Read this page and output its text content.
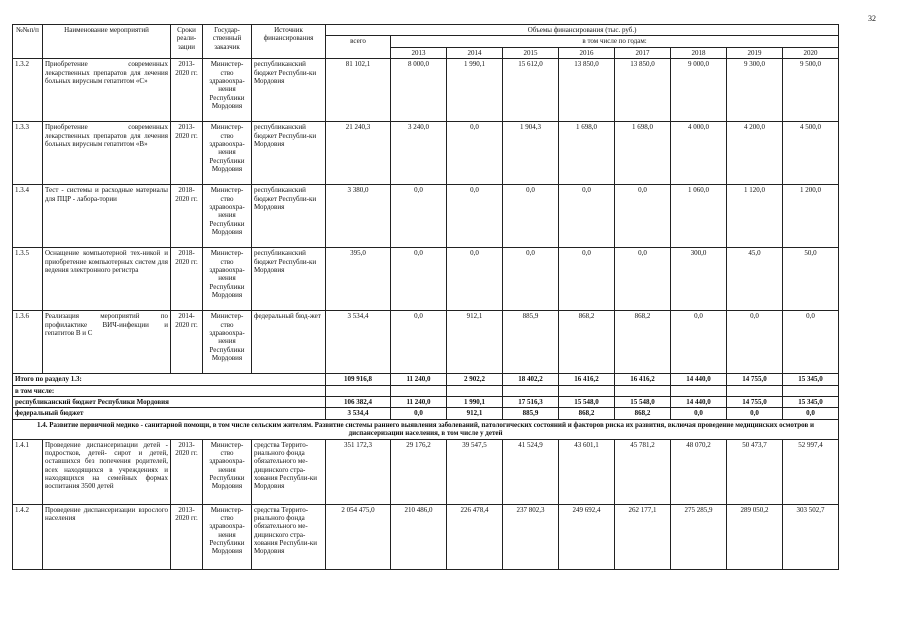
32
№№п/п	Наименование мероприятий	Сроки реали-зации	Государ-ственный заказчик	Источник финансирования	Объемы финансирования (тыс. руб.)								
					всего	в том числе по годам:							
						2013	2014	2015	2016	2017	2018	2019	2020
1.3.2	Приобретение современных лекарственных препаратов для лечения больных вирусным гепатитом «С»	2013-2020 гг.	Министер-ство здравоохра-нения Республики Мордовия	республиканский бюджет Республи-ки Мордовия	81 102,1	8 000,0	1 990,1	15 612,0	13 850,0	13 850,0	9 000,0	9 300,0	9 500,0
1.3.3	Приобретение современных лекарственных препаратов для лечения больных вирусным гепатитом «В»	2013-2020 гг.	Министер-ство здравоохра-нения Республики Мордовия	республиканский бюджет Республи-ки Мордовия	21 240,3	3 240,0	0,0	1 904,3	1 698,0	1 698,0	4 000,0	4 200,0	4 500,0
1.3.4	Тест - системы и расходные материалы для ПЦР - лабора-тории	2018-2020 гг.	Министер-ство здравоохра-нения Республики Мордовия	республиканский бюджет Республи-ки Мордовия	3 380,0	0,0	0,0	0,0	0,0	0,0	1 060,0	1 120,0	1 200,0
1.3.5	Оснащение компьютерной тех-никой и приобретение компьютерных систем для ведения электронного регистра	2018-2020 гг.	Министер-ство здравоохра-нения Республики Мордовия	республиканский бюджет Республи-ки Мордовия	395,0	0,0	0,0	0,0	0,0	0,0	300,0	45,0	50,0
1.3.6	Реализация мероприятий по профилактике ВИЧ-инфекции и гепатитов В и С	2014-2020 гг.	Министер-ство здравоохра-нения Республики Мордовия	федеральный бюд-жет	3 534,4	0,0	912,1	885,9	868,2	868,2	0,0	0,0	0,0
Итого по разделу 1.3:					109 916,8	11 240,0	2 902,2	18 402,2	16 416,2	16 416,2	14 440,0	14 755,0	15 345,0
в том числе:													
республиканский бюджет Республики Мордовия					106 382,4	11 240,0	1 990,1	17 516,3	15 548,0	15 548,0	14 440,0	14 755,0	15 345,0
федеральный бюджет					3 534,4	0,0	912,1	885,9	868,2	868,2	0,0	0,0	0,0
1.4. Развитие первичной медико - санитарной помощи, в том числе сельским жителям. Развитие системы раннего выявления заболеваний, патологических состояний и факторов риска их развития, включая проведение медицинских осмотров и диспансеризации населения, в том числе у детей													
1.4.1	Проведение диспансеризации детей - подростков, детей- сирот и детей, оставшихся без попечения родителей, всех находящихся в учреждениях и находящихся на семейных формах воспитания 3500 детей	2013-2020 гг.	Министер-ство здравоохра-нения Республики Мордовия	средства Террито-риального фонда обязательного ме-дицинского стра-хования Республи-ки Мордовия	351 172,3	29 176,2	39 547,5	41 524,9	43 601,1	45 781,2	48 070,2	50 473,7	52 997,4
1.4.2	Проведение диспансеризации взрослого населения	2013-2020 гг.	Министер-ство здравоохра-нения Республики Мордовия	средства Террито-риального фонда обязательного ме-дицинского стра-хования Республи-ки Мордовия	2 054 475,0	210 486,0	226 478,4	237 802,3	249 692,4	262 177,1	275 285,9	289 050,2	303 502,7
